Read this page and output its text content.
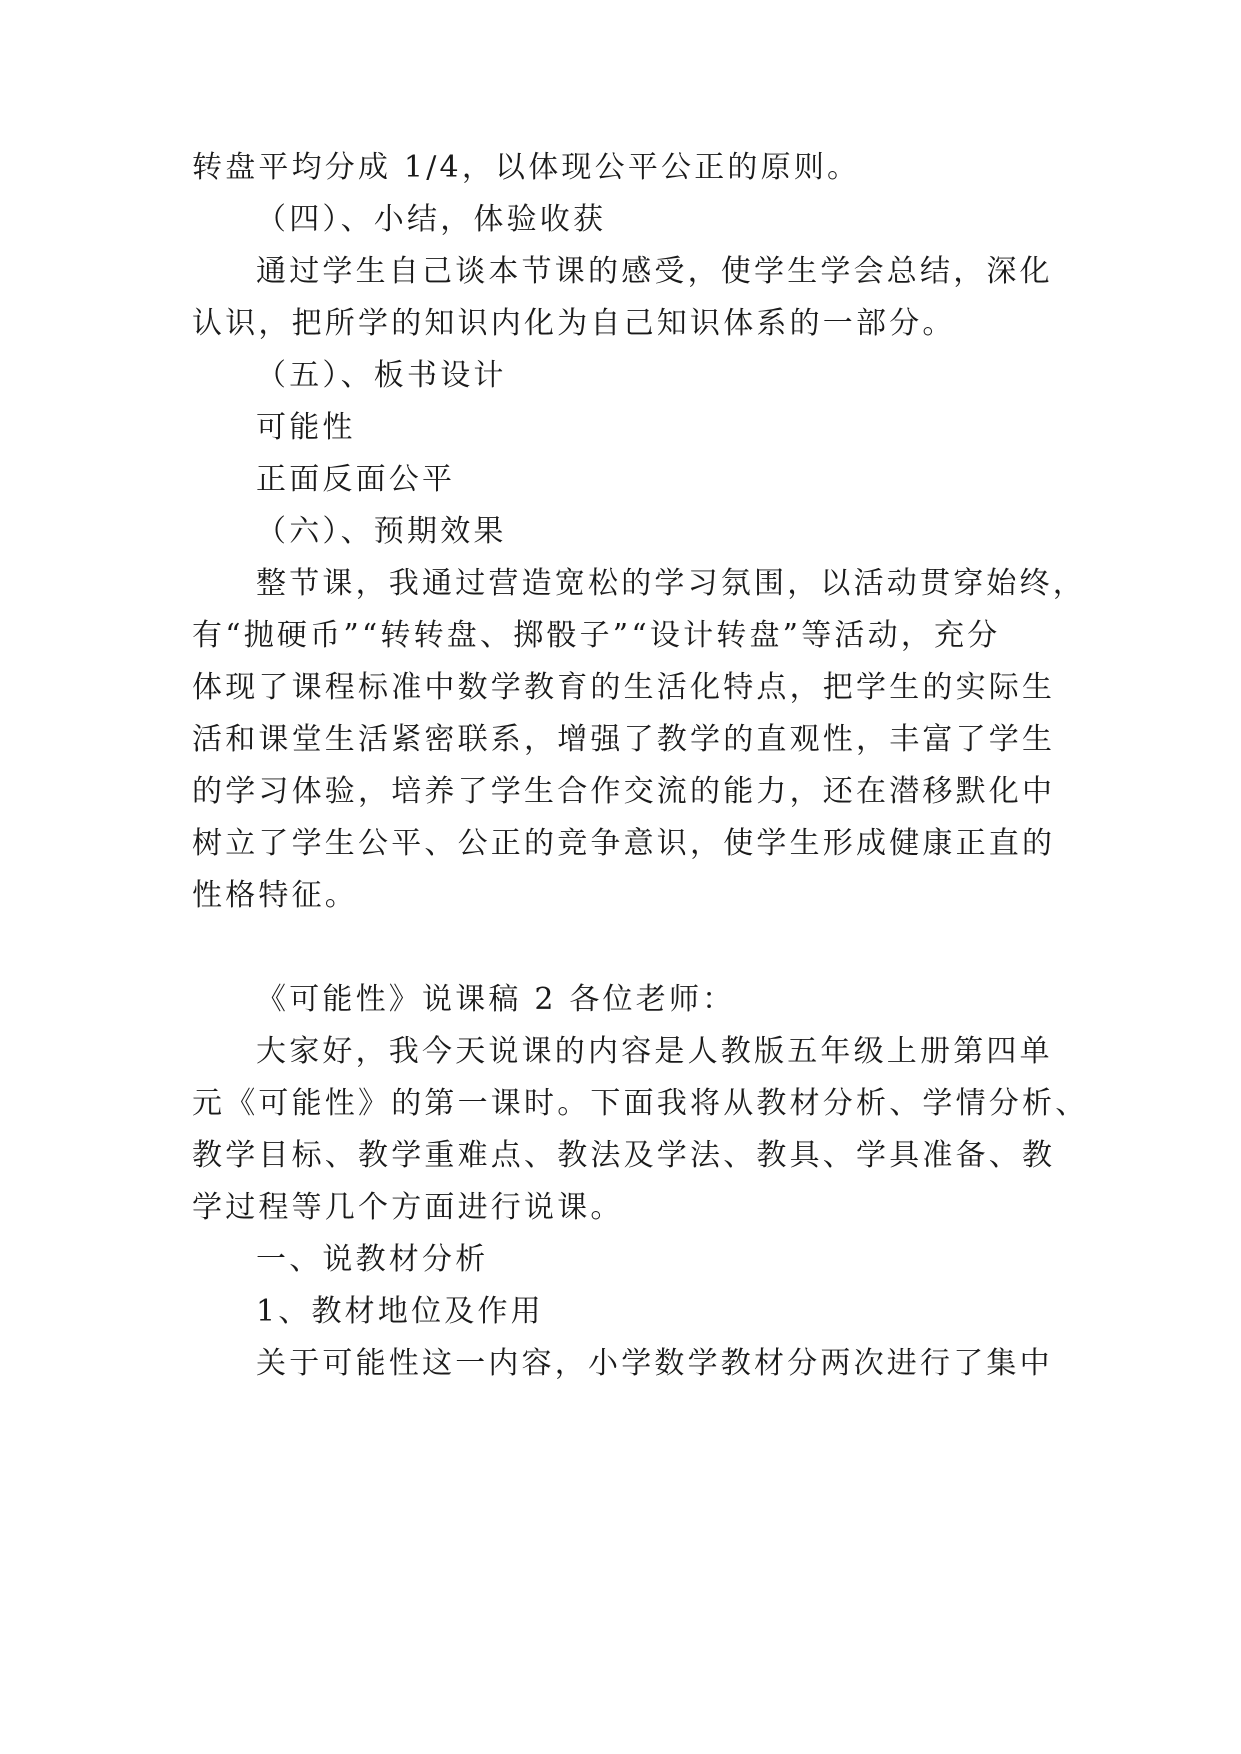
转盘平均分成 1/4，以体现公平公正的原则。
（四）、小结，体验收获
通过学生自己谈本节课的感受，使学生学会总结，深化
认识，把所学的知识内化为自己知识体系的一部分。
（五）、板书设计
可能性
正面反面公平
（六）、预期效果
整节课，我通过营造宽松的学习氛围，以活动贯穿始终，
有“抛硬币”“转转盘、掷骰子”“设计转盘”等活动，充分
体现了课程标准中数学教育的生活化特点，把学生的实际生
活和课堂生活紧密联系，增强了教学的直观性，丰富了学生
的学习体验，培养了学生合作交流的能力，还在潜移默化中
树立了学生公平、公正的竞争意识，使学生形成健康正直的
性格特征。
《可能性》说课稿 2 各位老师：
大家好，我今天说课的内容是人教版五年级上册第四单
元《可能性》的第一课时。下面我将从教材分析、学情分析、
教学目标、教学重难点、教法及学法、教具、学具准备、教
学过程等几个方面进行说课。
一、说教材分析
1、教材地位及作用
关于可能性这一内容，小学数学教材分两次进行了集中
